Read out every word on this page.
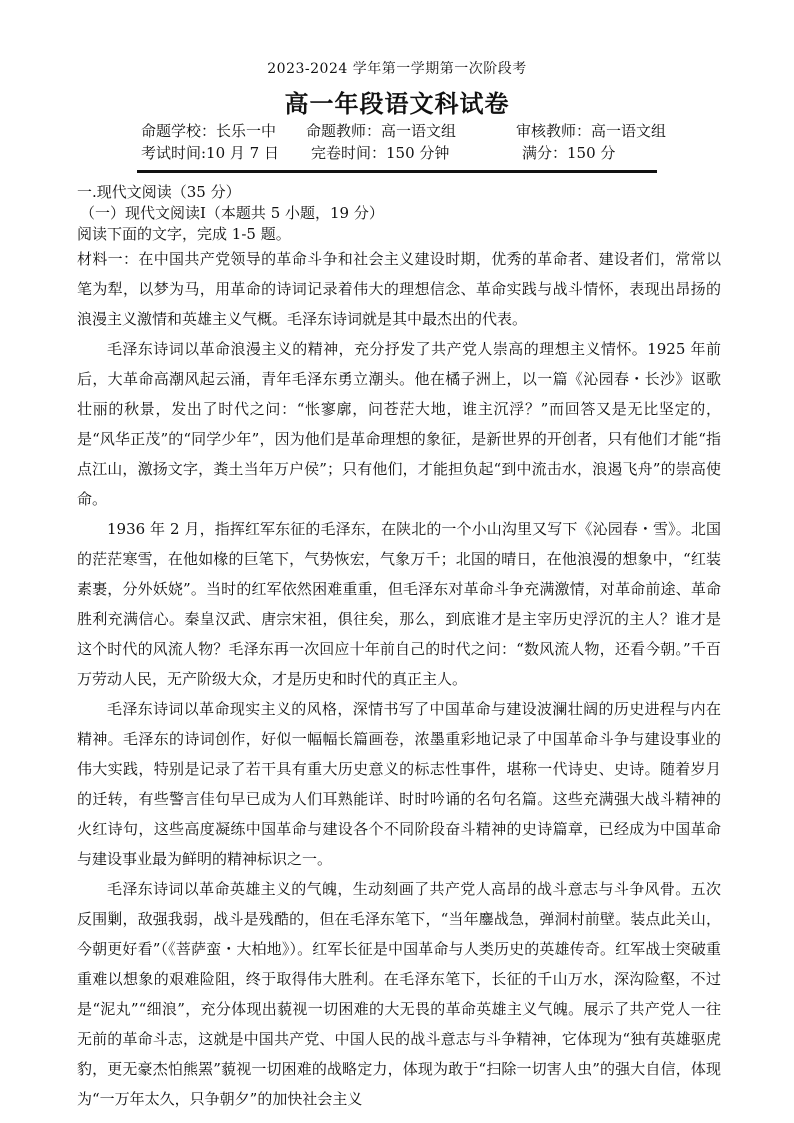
2023-2024 学年第一学期第一次阶段考
高一年段语文科试卷
命题学校：长乐一中 命题教师：高一语文组	审核教师：高一语文组
考试时间:10 月 7 日 完卷时间：150 分钟	满分：150 分
一.现代文阅读（35 分）
（一）现代文阅读Ⅰ（本题共 5 小题，19 分）
阅读下面的文字，完成 1-5 题。

材料一：在中国共产党领导的革命斗争和社会主义建设时期，优秀的革命者、建设者们，常常以笔为犁，以梦为马，用革命的诗词记录着伟大的理想信念、革命实践与战斗情怀，表现出昂扬的浪漫主义激情和英雄主义气概。毛泽东诗词就是其中最杰出的代表。

毛泽东诗词以革命浪漫主义的精神，充分抒发了共产党人崇高的理想主义情怀。1925 年前后，大革命高潮风起云涌，青年毛泽东勇立潮头。他在橘子洲上，以一篇《沁园春・长沙》讴歌壮丽的秋景，发出了时代之问：“怅寥廓，问苍茫大地，谁主沉浮？”而回答又是无比坚定的，是“风华正茂”的“同学少年”，因为他们是革命理想的象征，是新世界的开创者，只有他们才能“指点江山，激扬文字，粪土当年万户侯”；只有他们，才能担负起“到中流击水，浪遏飞舟”的崇高使命。

1936 年 2 月，指挥红军东征的毛泽东，在陕北的一个小山沟里又写下《沁园春・雪》。北国的茫茫寒雪，在他如椽的巨笔下，气势恢宏，气象万千；北国的晴日，在他浪漫的想象中，“红装素裹，分外妖娆”。当时的红军依然困难重重，但毛泽东对革命斗争充满激情，对革命前途、革命胜利充满信心。秦皇汉武、唐宗宋祖，俱往矣，那么，到底谁才是主宰历史浮沉的主人？谁才是这个时代的风流人物？毛泽东再一次回应十年前自己的时代之问：“数风流人物，还看今朝。”千百万劳动人民，无产阶级大众，才是历史和时代的真正主人。

毛泽东诗词以革命现实主义的风格，深情书写了中国革命与建设波澜壮阔的历史进程与内在精神。毛泽东的诗词创作，好似一幅幅长篇画卷，浓墨重彩地记录了中国革命斗争与建设事业的伟大实践，特别是记录了若干具有重大历史意义的标志性事件，堪称一代诗史、史诗。随着岁月的迁转，有些警言佳句早已成为人们耳熟能详、时时吟诵的名句名篇。这些充满强大战斗精神的火红诗句，这些高度凝练中国革命与建设各个不同阶段奋斗精神的史诗篇章，已经成为中国革命与建设事业最为鲜明的精神标识之一。

毛泽东诗词以革命英雄主义的气魄，生动刻画了共产党人高昂的战斗意志与斗争风骨。五次反围剿，敌强我弱，战斗是残酷的，但在毛泽东笔下，“当年鏖战急，弹洞村前壁。装点此关山，今朝更好看”（《菩萨蛮・大柏地》）。红军长征是中国革命与人类历史的英雄传奇。红军战士突破重重难以想象的艰难险阻，终于取得伟大胜利。在毛泽东笔下，长征的千山万水，深沟险壑，不过是“泥丸”“细浪”，充分体现出藐视一切困难的大无畏的革命英雄主义气魄。展示了共产党人一往无前的革命斗志，这就是中国共产党、中国人民的战斗意志与斗争精神，它体现为“独有英雄驱虎豹，更无豪杰怕熊罴”藐视一切困难的战略定力，体现为敢于“扫除一切害人虫”的强大自信，体现为“一万年太久，只争朝夕”的加快社会主义
